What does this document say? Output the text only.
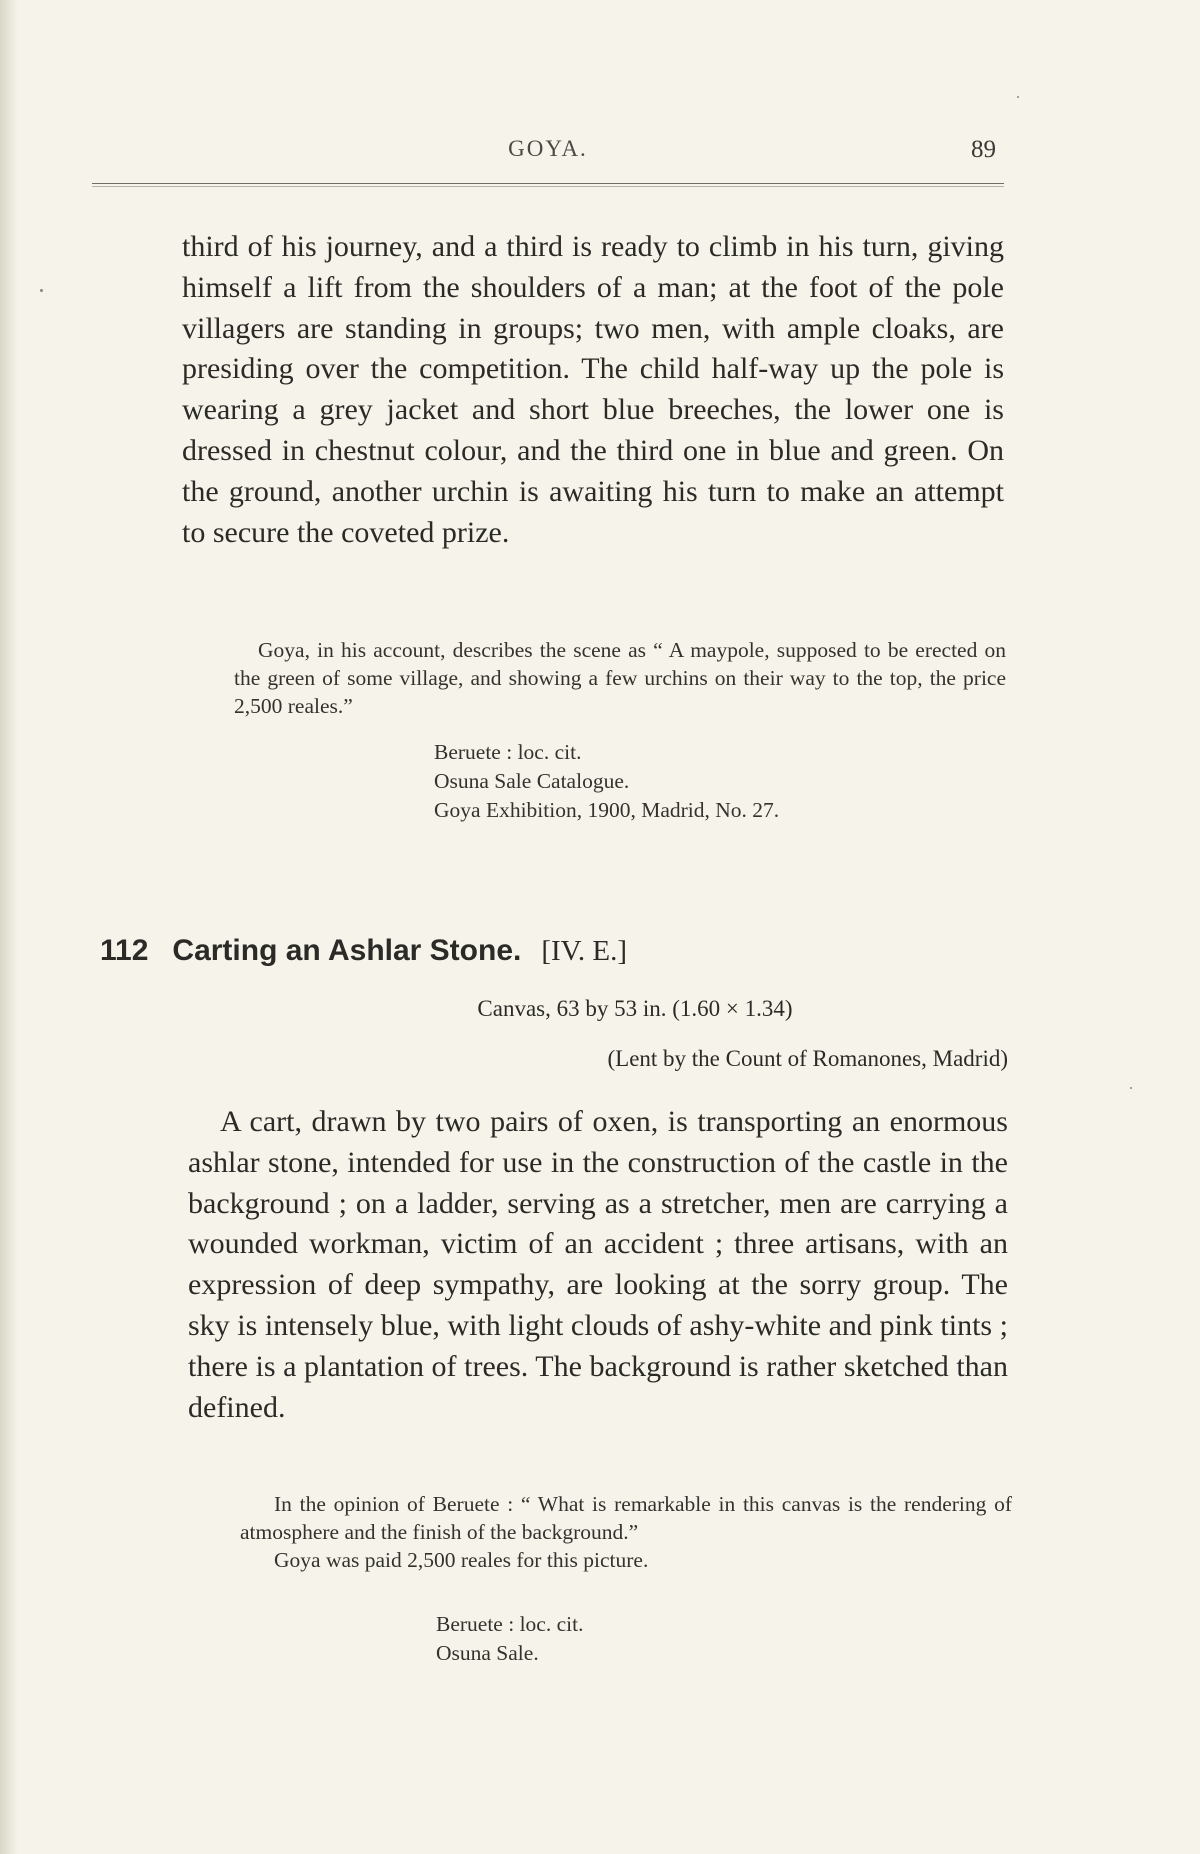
GOYA.	89
third of his journey, and a third is ready to climb in his turn, giving himself a lift from the shoulders of a man; at the foot of the pole villagers are standing in groups; two men, with ample cloaks, are presiding over the competition. The child half-way up the pole is wearing a grey jacket and short blue breeches, the lower one is dressed in chestnut colour, and the third one in blue and green. On the ground, another urchin is awaiting his turn to make an attempt to secure the coveted prize.
Goya, in his account, describes the scene as “ A maypole, supposed to be erected on the green of some village, and showing a few urchins on their way to the top, the price 2,500 reales.”
Beruete : loc. cit.
Osuna Sale Catalogue.
Goya Exhibition, 1900, Madrid, No. 27.
112 Carting an Ashlar Stone. [IV. E.]
Canvas, 63 by 53 in. (1.60 × 1.34)
(Lent by the Count of Romanones, Madrid)
A cart, drawn by two pairs of oxen, is transporting an enormous ashlar stone, intended for use in the construction of the castle in the background ; on a ladder, serving as a stretcher, men are carrying a wounded workman, victim of an accident ; three artisans, with an expression of deep sympathy, are looking at the sorry group. The sky is intensely blue, with light clouds of ashy-white and pink tints ; there is a plantation of trees. The background is rather sketched than defined.
In the opinion of Beruete : “ What is remarkable in this canvas is the rendering of atmosphere and the finish of the background.”
Goya was paid 2,500 reales for this picture.
Beruete : loc. cit.
Osuna Sale.
